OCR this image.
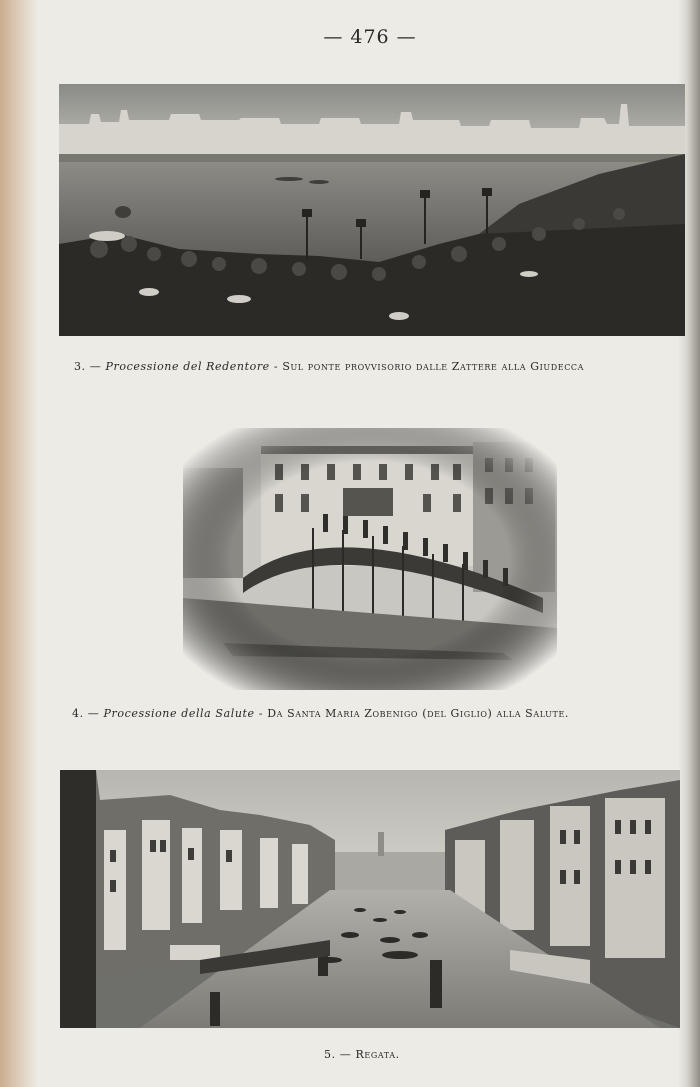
— 476 —
3. — Processione del Redentore - Sul ponte provvisorio dalle Zattere alla Giudecca
4. — Processione della Salute - Da Santa Maria Zobenigo (del Giglio) alla Salute.
5. — Regata.
